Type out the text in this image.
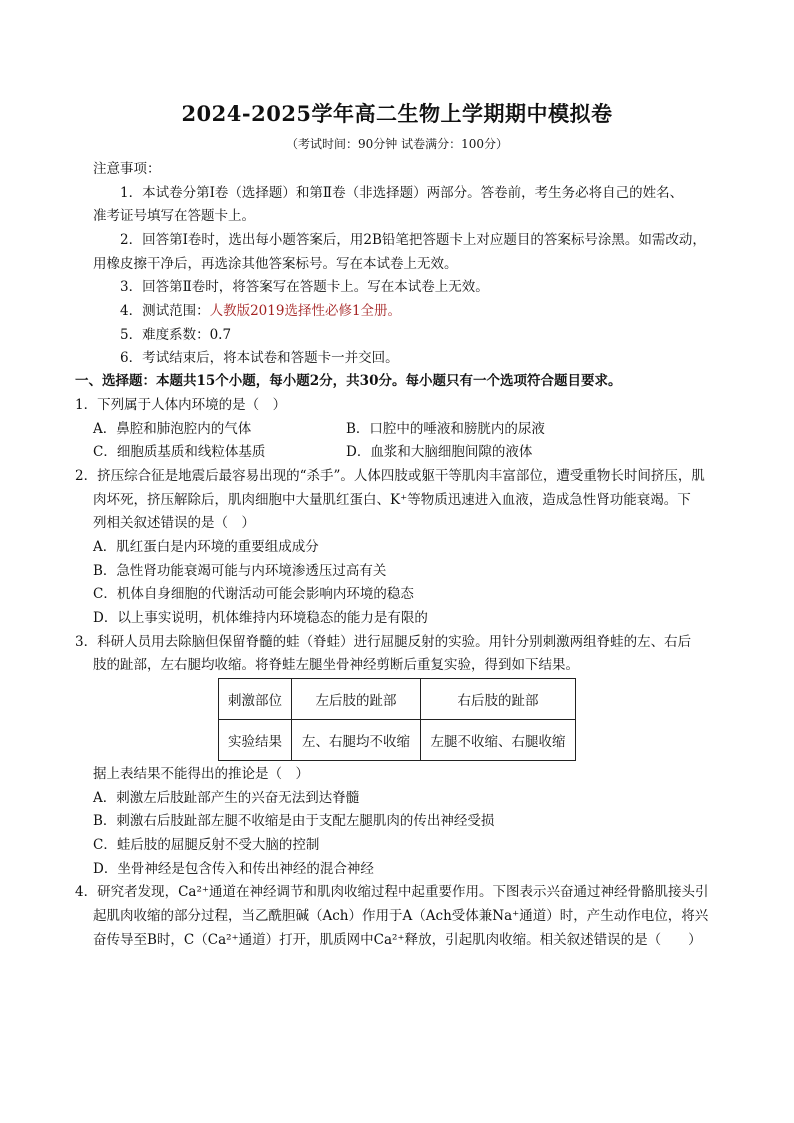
2024-2025学年高二生物上学期期中模拟卷
（考试时间：90分钟 试卷满分：100分）
注意事项：
1．本试卷分第Ⅰ卷（选择题）和第Ⅱ卷（非选择题）两部分。答卷前，考生务必将自己的姓名、
准考证号填写在答题卡上。
2．回答第Ⅰ卷时，选出每小题答案后，用2B铅笔把答题卡上对应题目的答案标号涂黑。如需改动，
用橡皮擦干净后，再选涂其他答案标号。写在本试卷上无效。
3．回答第Ⅱ卷时，将答案写在答题卡上。写在本试卷上无效。
4．测试范围：人教版2019选择性必修1全册。
5．难度系数：0.7
6．考试结束后，将本试卷和答题卡一并交回。
一、选择题：本题共15个小题，每小题2分，共30分。每小题只有一个选项符合题目要求。
1．下列属于人体内环境的是（　）
A．鼻腔和肺泡腔内的气体	B．口腔中的唾液和膀胱内的尿液
C．细胞质基质和线粒体基质	D．血浆和大脑细胞间隙的液体
2．挤压综合征是地震后最容易出现的“杀手”。人体四肢或躯干等肌肉丰富部位，遭受重物长时间挤压，肌
肉坏死，挤压解除后，肌肉细胞中大量肌红蛋白、K⁺等物质迅速进入血液，造成急性肾功能衰竭。下
列相关叙述错误的是（　）
A．肌红蛋白是内环境的重要组成成分
B．急性肾功能衰竭可能与内环境渗透压过高有关
C．机体自身细胞的代谢活动可能会影响内环境的稳态
D．以上事实说明，机体维持内环境稳态的能力是有限的
3．科研人员用去除脑但保留脊髓的蛙（脊蛙）进行屈腿反射的实验。用针分别刺激两组脊蛙的左、右后
肢的趾部，左右腿均收缩。将脊蛙左腿坐骨神经剪断后重复实验，得到如下结果。
刺激部位	左后肢的趾部	右后肢的趾部
实验结果	左、右腿均不收缩	左腿不收缩、右腿收缩
据上表结果不能得出的推论是（　）
A．刺激左后肢趾部产生的兴奋无法到达脊髓
B．刺激右后肢趾部左腿不收缩是由于支配左腿肌肉的传出神经受损
C．蛙后肢的屈腿反射不受大脑的控制
D．坐骨神经是包含传入和传出神经的混合神经
4．研究者发现，Ca²⁺通道在神经调节和肌肉收缩过程中起重要作用。下图表示兴奋通过神经骨骼肌接头引
起肌肉收缩的部分过程，当乙酰胆碱（Ach）作用于A（Ach受体兼Na⁺通道）时，产生动作电位，将兴
奋传导至B时，C（Ca²⁺通道）打开，肌质网中Ca²⁺释放，引起肌肉收缩。相关叙述错误的是（　　）
